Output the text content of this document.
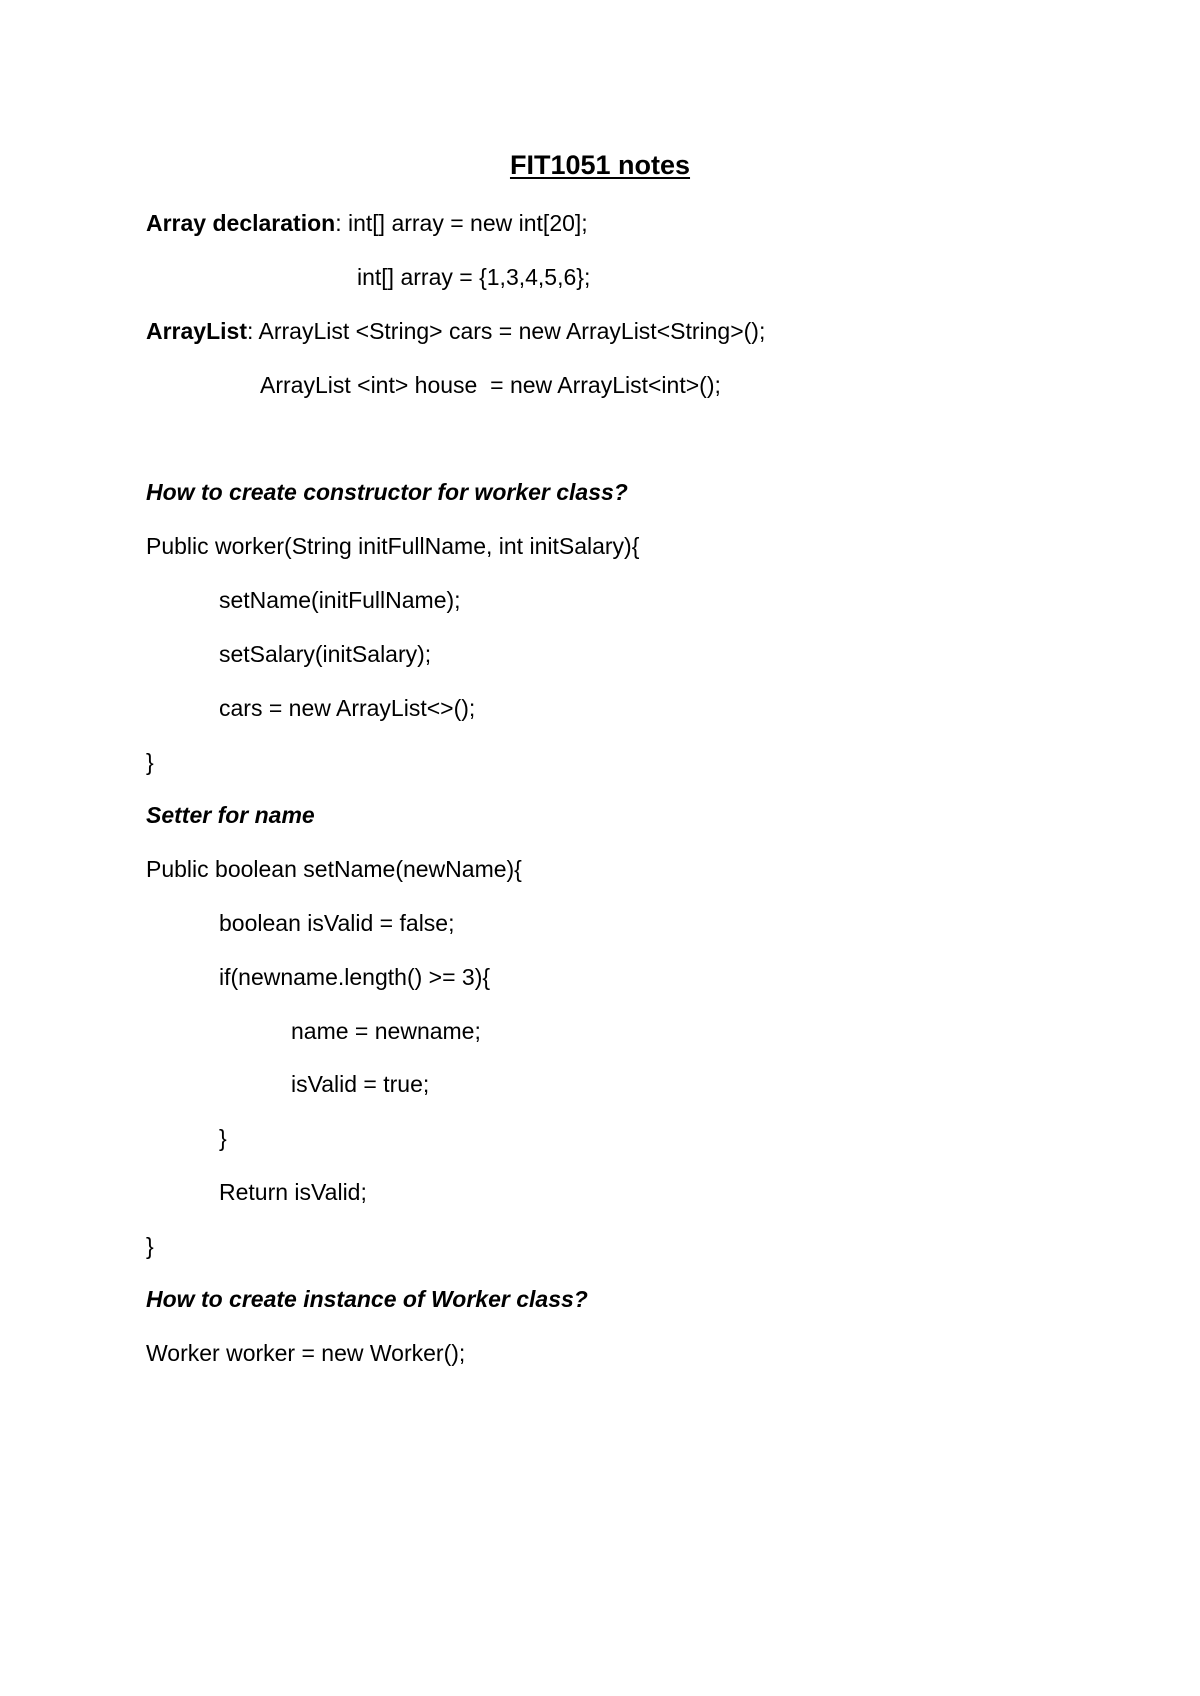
FIT1051 notes
Array declaration: int[] array = new int[20];
int[] array = {1,3,4,5,6};
ArrayList: ArrayList <String> cars = new ArrayList<String>();
ArrayList <int> house  = new ArrayList<int>();
How to create constructor for worker class?
Public worker(String initFullName, int initSalary){
setName(initFullName);
setSalary(initSalary);
cars = new ArrayList<>();
}
Setter for name
Public boolean setName(newName){
boolean isValid = false;
if(newname.length() >= 3){
name = newname;
isValid = true;
}
Return isValid;
}
How to create instance of Worker class?
Worker worker = new Worker();
